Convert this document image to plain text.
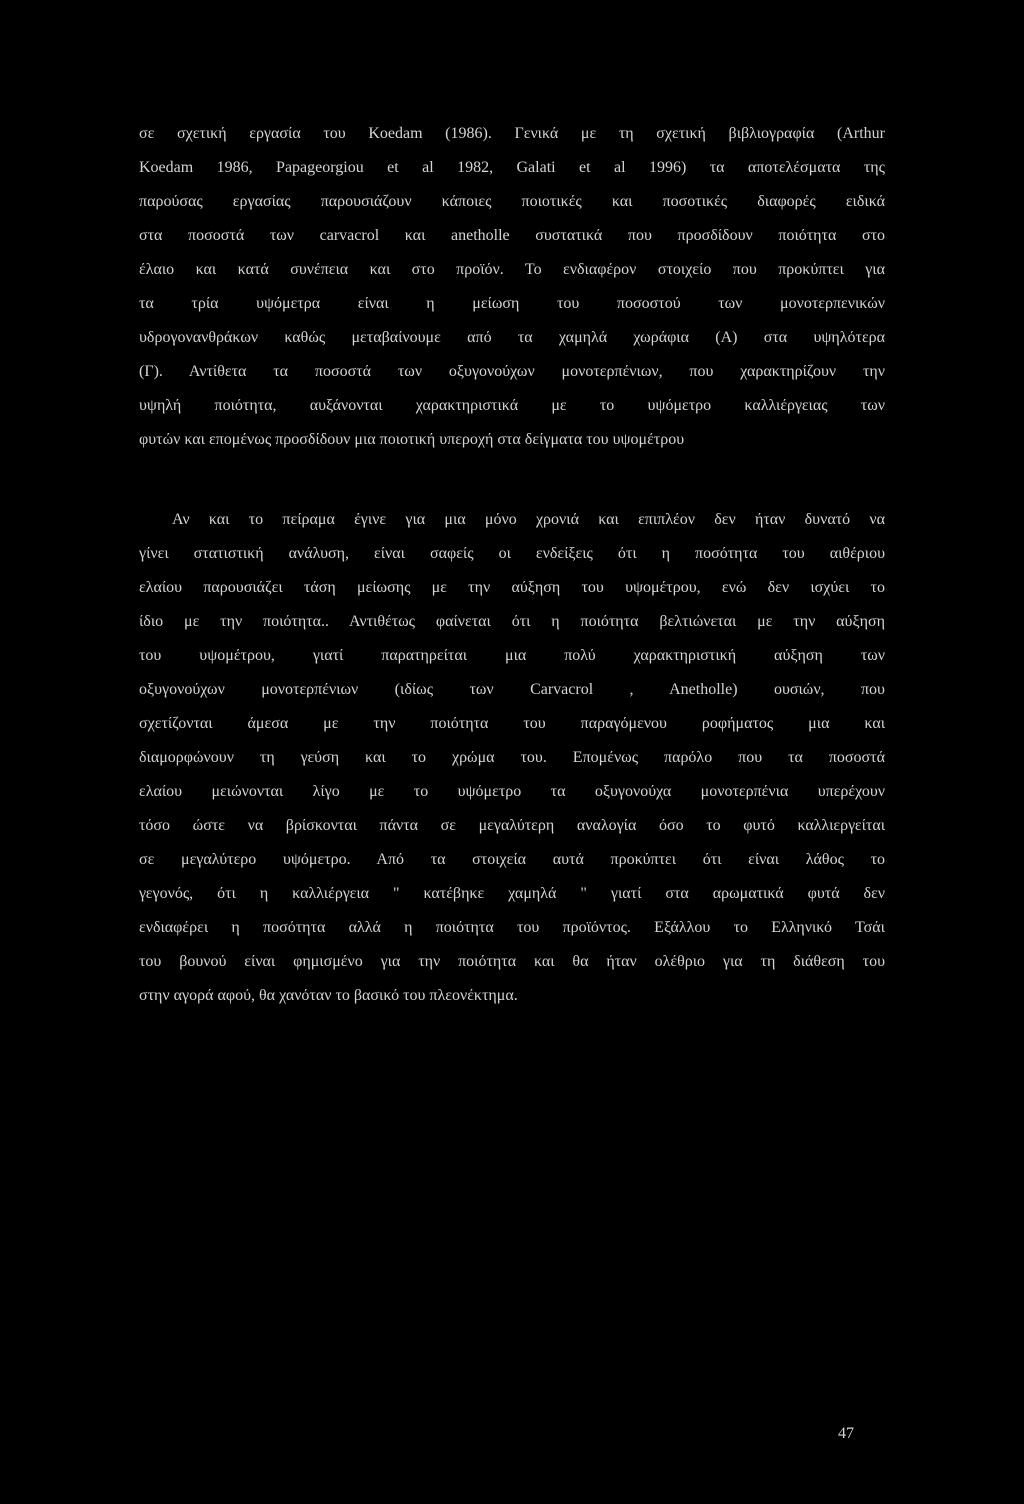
σε σχετική εργασία του Koedam (1986). Γενικά με τη σχετική βιβλιογραφία (Arthur
Koedam 1986, Papageorgiou et al 1982, Galati et al 1996) τα αποτελέσματα της
παρούσας εργασίας παρουσιάζουν κάποιες ποιοτικές και ποσοτικές διαφορές ειδικά
στα ποσοστά των carvacrol και anetholle συστατικά που προσδίδουν ποιότητα στο
έλαιο και κατά συνέπεια και στο προϊόν. Το ενδιαφέρον στοιχείο που προκύπτει για
τα τρία υψόμετρα είναι η μείωση του ποσοστού των μονοτερπενικών
υδρογονανθράκων καθώς μεταβαίνουμε από τα χαμηλά χωράφια (Α) στα υψηλότερα
(Γ). Αντίθετα τα ποσοστά των οξυγονούχων μονοτερπένιων, που χαρακτηρίζουν την
υψηλή ποιότητα, αυξάνονται χαρακτηριστικά με το υψόμετρο καλλιέργειας των
φυτών και επομένως προσδίδουν μια ποιοτική υπεροχή στα δείγματα του υψομέτρου
Αν και το πείραμα έγινε για μια μόνο χρονιά και επιπλέον δεν ήταν δυνατό να
γίνει στατιστική ανάλυση, είναι σαφείς οι ενδείξεις ότι η ποσότητα του αιθέριου
ελαίου παρουσιάζει τάση μείωσης με την αύξηση του υψομέτρου, ενώ δεν ισχύει το
ίδιο με την ποιότητα.. Αντιθέτως φαίνεται ότι η ποιότητα βελτιώνεται με την αύξηση
του υψομέτρου, γιατί παρατηρείται μια πολύ χαρακτηριστική αύξηση των
οξυγονούχων μονοτερπένιων (ιδίως των Carvacrol , Anetholle) ουσιών, που
σχετίζονται άμεσα με την ποιότητα του παραγόμενου ροφήματος μια και
διαμορφώνουν τη γεύση και το χρώμα του. Επομένως παρόλο που τα ποσοστά
ελαίου μειώνονται λίγο με το υψόμετρο τα οξυγονούχα μονοτερπένια υπερέχουν
τόσο ώστε να βρίσκονται πάντα σε μεγαλύτερη αναλογία όσο το φυτό καλλιεργείται
σε μεγαλύτερο υψόμετρο. Από τα στοιχεία αυτά προκύπτει ότι είναι λάθος το
γεγονός, ότι η καλλιέργεια " κατέβηκε χαμηλά " γιατί στα αρωματικά φυτά δεν
ενδιαφέρει η ποσότητα αλλά η ποιότητα του προϊόντος. Εξάλλου το Ελληνικό Τσάι
του βουνού είναι φημισμένο για την ποιότητα και θα ήταν ολέθριο για τη διάθεση του
στην αγορά αφού, θα χανόταν το βασικό του πλεονέκτημα.
47
